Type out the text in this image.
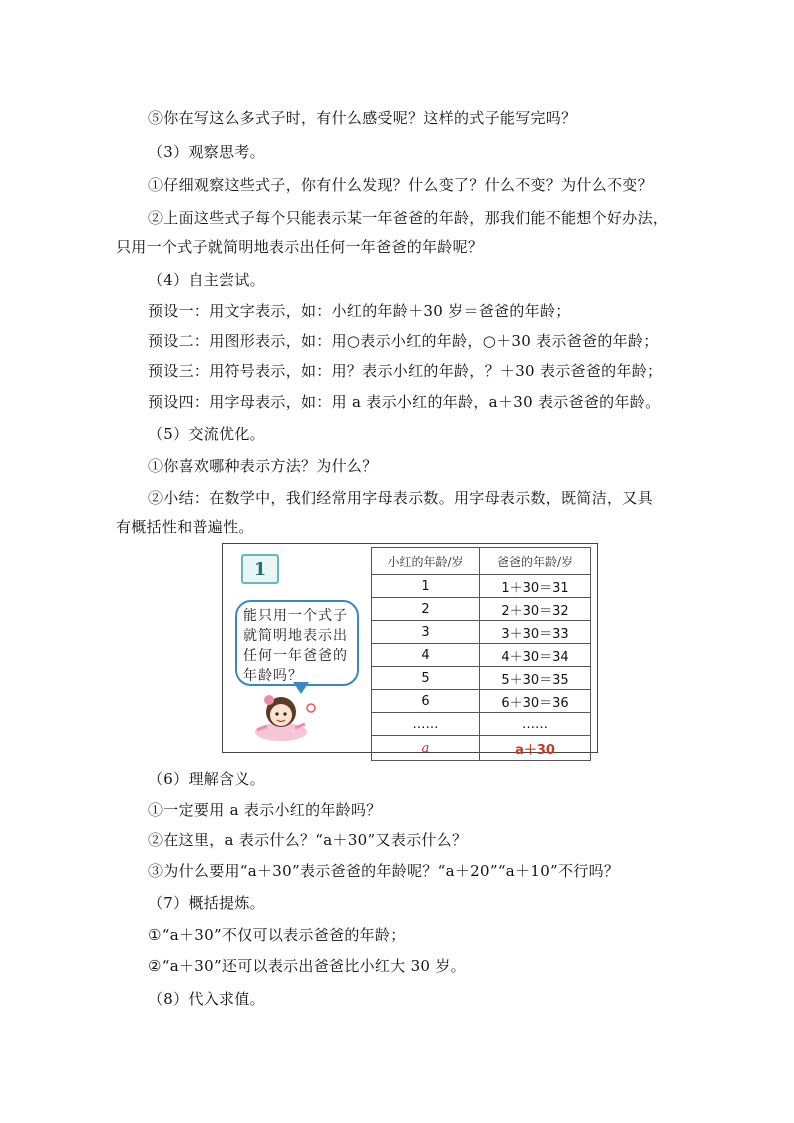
⑤你在写这么多式子时，有什么感受呢？这样的式子能写完吗？
（3）观察思考。
①仔细观察这些式子，你有什么发现？什么变了？什么不变？为什么不变？
②上面这些式子每个只能表示某一年爸爸的年龄，那我们能不能想个好办法，
只用一个式子就简明地表示出任何一年爸爸的年龄呢？
（4）自主尝试。
预设一：用文字表示，如：小红的年龄＋30 岁＝爸爸的年龄；
预设二：用图形表示，如：用○表示小红的年龄，○＋30 表示爸爸的年龄；
预设三：用符号表示，如：用？表示小红的年龄，？＋30 表示爸爸的年龄；
预设四：用字母表示，如：用 a 表示小红的年龄，a＋30 表示爸爸的年龄。
（5）交流优化。
①你喜欢哪种表示方法？为什么？
②小结：在数学中，我们经常用字母表示数。用字母表示数，既简洁，又具
有概括性和普遍性。
1
能只用一个式子
就简明地表示出
任何一年爸爸的
年龄吗？
小红的年龄/岁	爸爸的年龄/岁
1	1＋30＝31
2	2＋30＝32
3	3＋30＝33
4	4＋30＝34
5	5＋30＝35
6	6＋30＝36
……	……
a	a＋30
（6）理解含义。
①一定要用 a 表示小红的年龄吗？
②在这里，a 表示什么？“a＋30”又表示什么？
③为什么要用“a＋30”表示爸爸的年龄呢？“a＋20”“a＋10”不行吗？
（7）概括提炼。
①“a＋30”不仅可以表示爸爸的年龄；
②“a＋30”还可以表示出爸爸比小红大 30 岁。
（8）代入求值。
